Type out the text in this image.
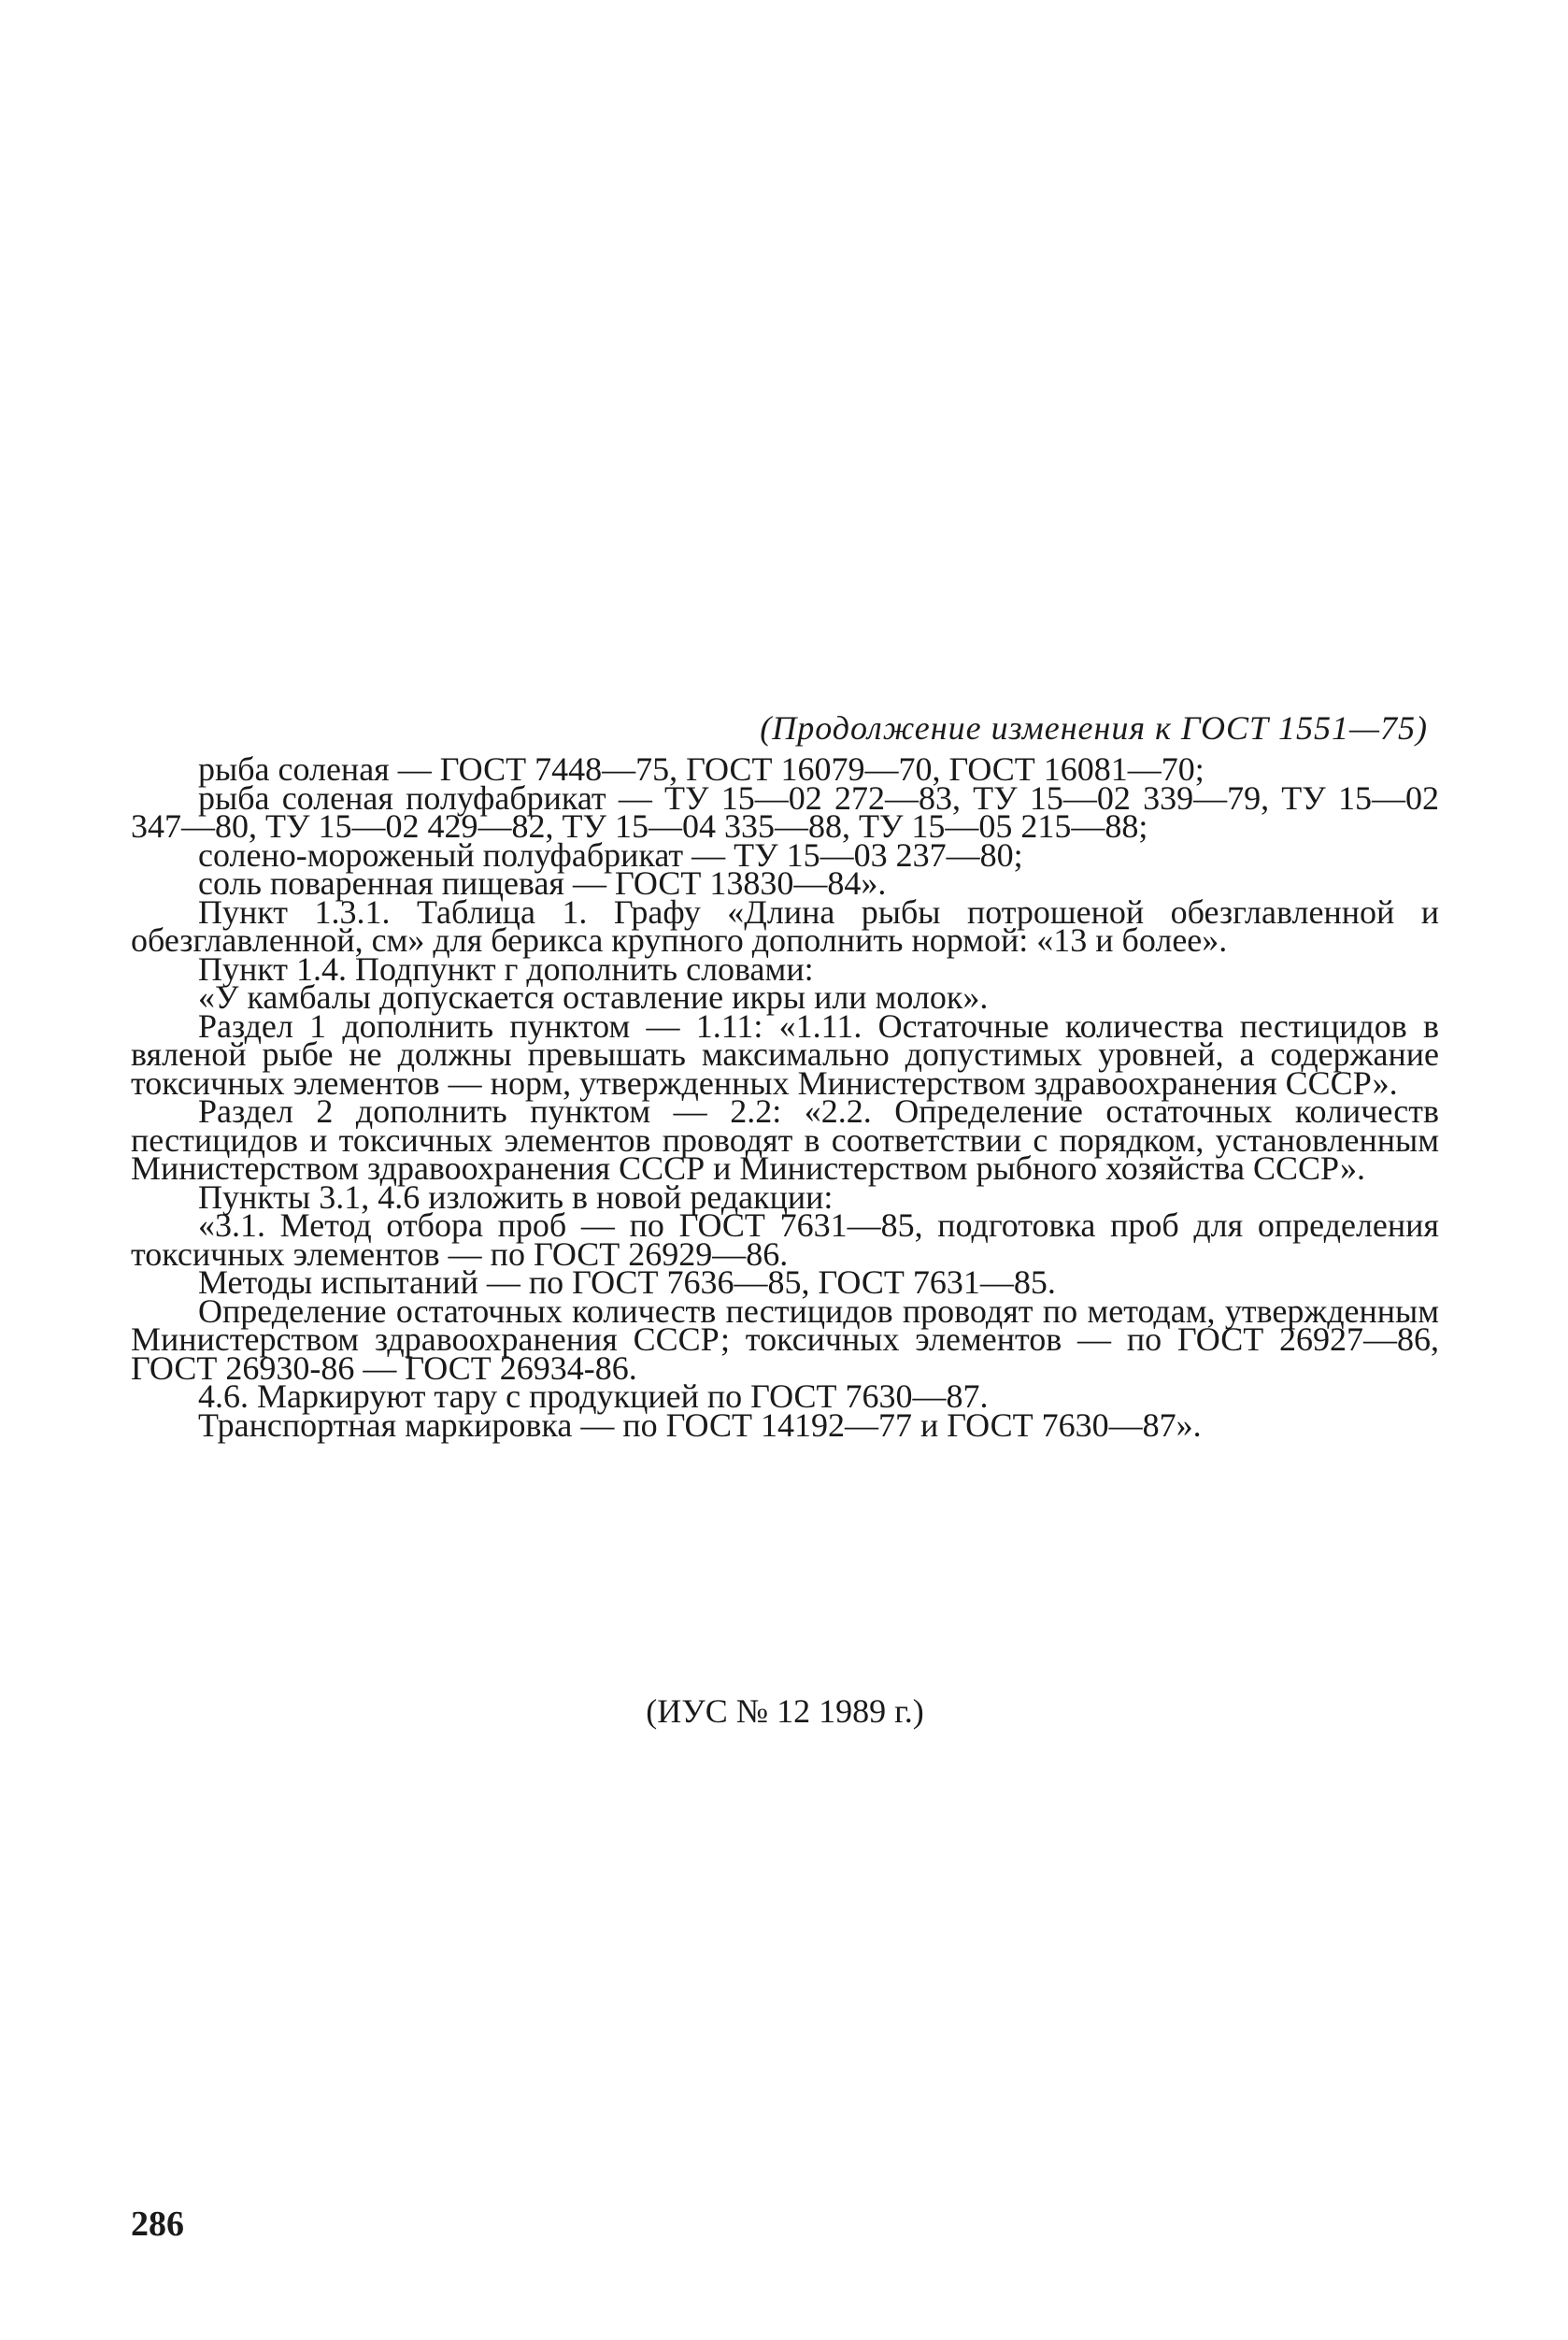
(Продолжение изменения к ГОСТ 1551—75)

рыба соленая — ГОСТ 7448—75, ГОСТ 16079—70, ГОСТ 16081—70;

рыба соленая полуфабрикат — ТУ 15—02 272—83, ТУ 15—02 339—79, ТУ 15—02 347—80, ТУ 15—02 429—82, ТУ 15—04 335—88, ТУ 15—05 215—88;

солено-мороженый полуфабрикат — ТУ 15—03 237—80;

соль поваренная пищевая — ГОСТ 13830—84».

Пункт 1.3.1. Таблица 1. Графу «Длина рыбы потрошеной обезглавленной и обезглавленной, см» для берикса крупного дополнить нормой: «13 и более».

Пункт 1.4. Подпункт г дополнить словами:

«У камбалы допускается оставление икры или молок».

Раздел 1 дополнить пунктом — 1.11: «1.11. Остаточные количества пестицидов в вяленой рыбе не должны превышать максимально допустимых уровней, а содержание токсичных элементов — норм, утвержденных Министерством здравоохранения СССР».

Раздел 2 дополнить пунктом — 2.2: «2.2. Определение остаточных количеств пестицидов и токсичных элементов проводят в соответствии с порядком, установленным Министерством здравоохранения СССР и Министерством рыбного хозяйства СССР».

Пункты 3.1, 4.6 изложить в новой редакции:

«3.1. Метод отбора проб — по ГОСТ 7631—85, подготовка проб для определения токсичных элементов — по ГОСТ 26929—86.

Методы испытаний — по ГОСТ 7636—85, ГОСТ 7631—85.

Определение остаточных количеств пестицидов проводят по методам, утвержденным Министерством здравоохранения СССР; токсичных элементов — по ГОСТ 26927—86, ГОСТ 26930-86 — ГОСТ 26934-86.

4.6. Маркируют тару с продукцией по ГОСТ 7630—87.

Транспортная маркировка — по ГОСТ 14192—77 и ГОСТ 7630—87».

(ИУС № 12 1989 г.)
286
